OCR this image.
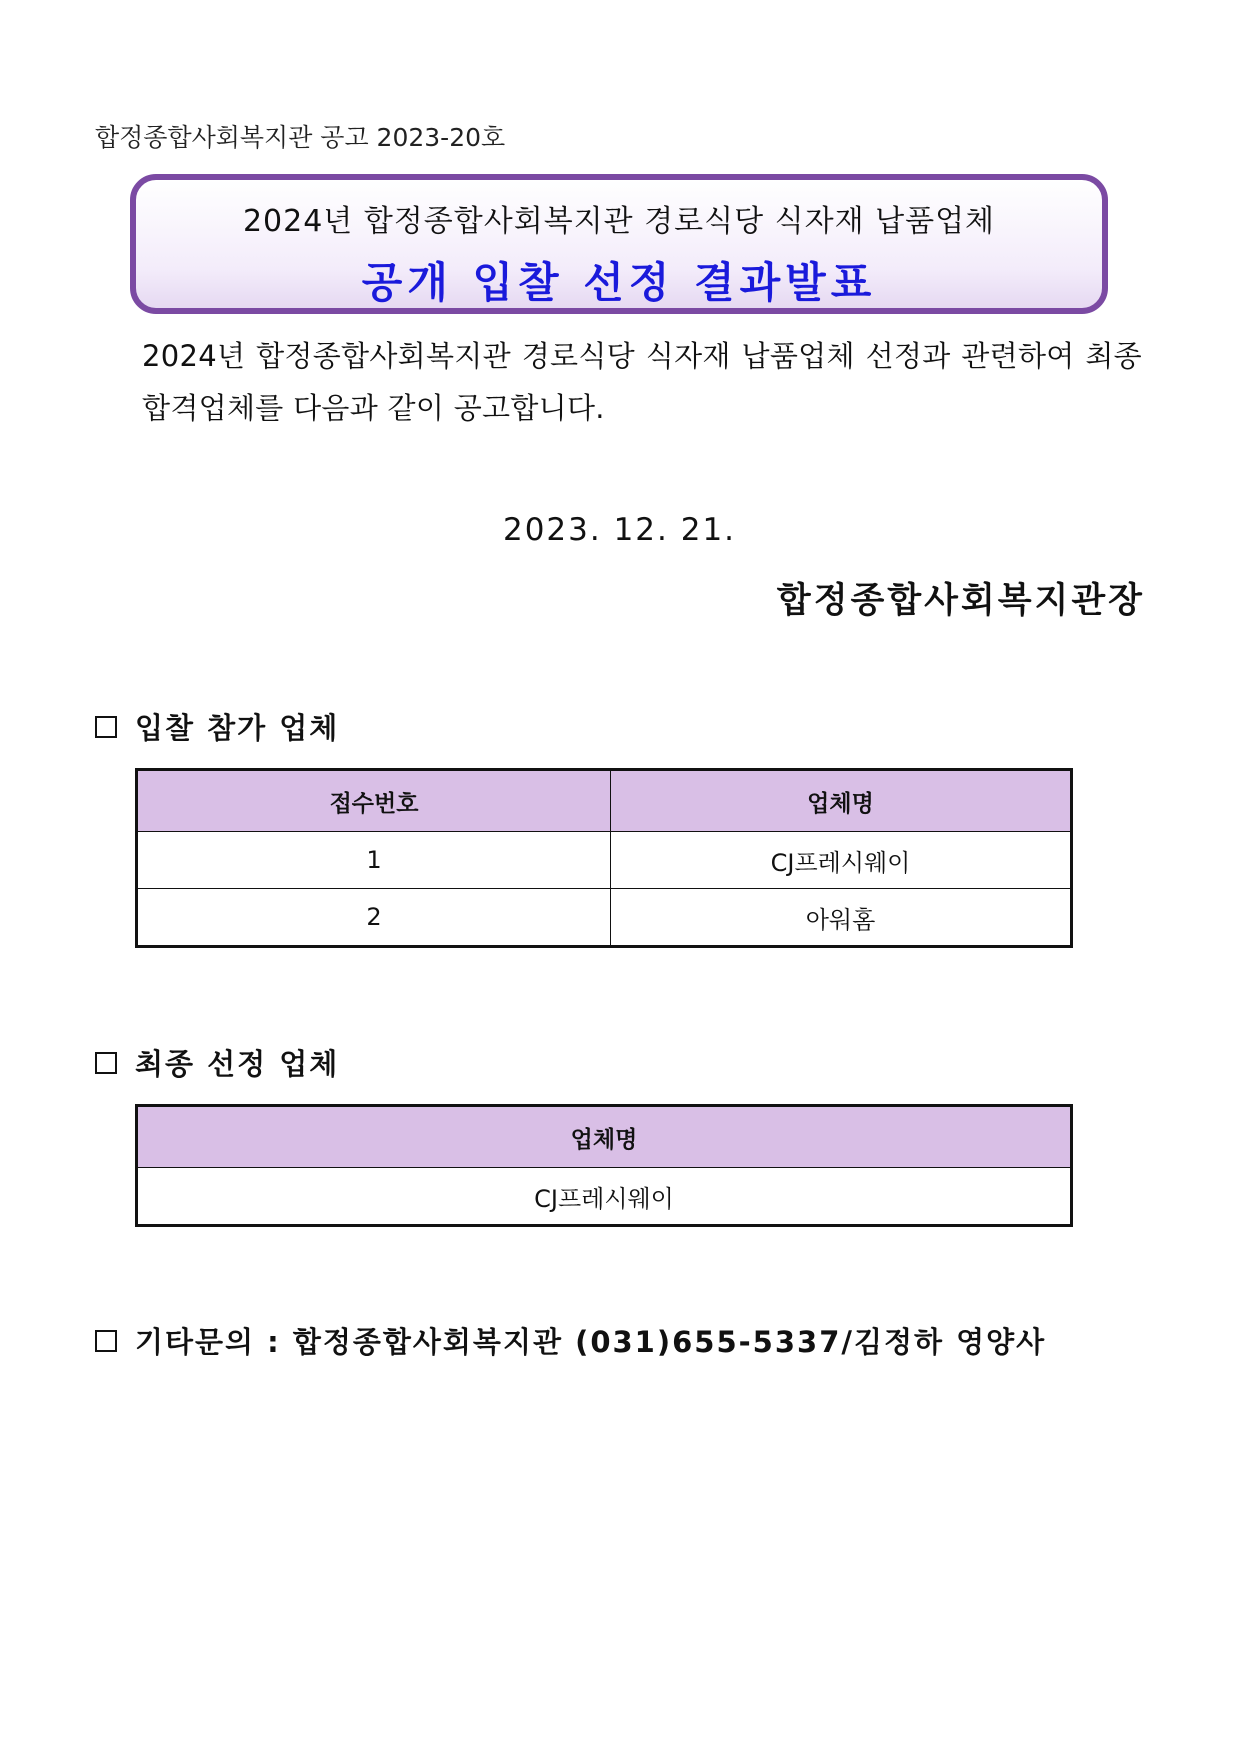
합정종합사회복지관 공고 2023-20호
2024년 합정종합사회복지관 경로식당 식자재 납품업체
공개 입찰 선정 결과발표
2024년 합정종합사회복지관 경로식당 식자재 납품업체 선정과 관련하여 최종 합격업체를 다음과 같이 공고합니다.
2023. 12. 21.
합정종합사회복지관장
입찰 참가 업체
접수번호	업체명
1	CJ프레시웨이
2	아워홈
최종 선정 업체
업체명
CJ프레시웨이
기타문의 : 합정종합사회복지관 (031)655-5337/김정하 영양사
